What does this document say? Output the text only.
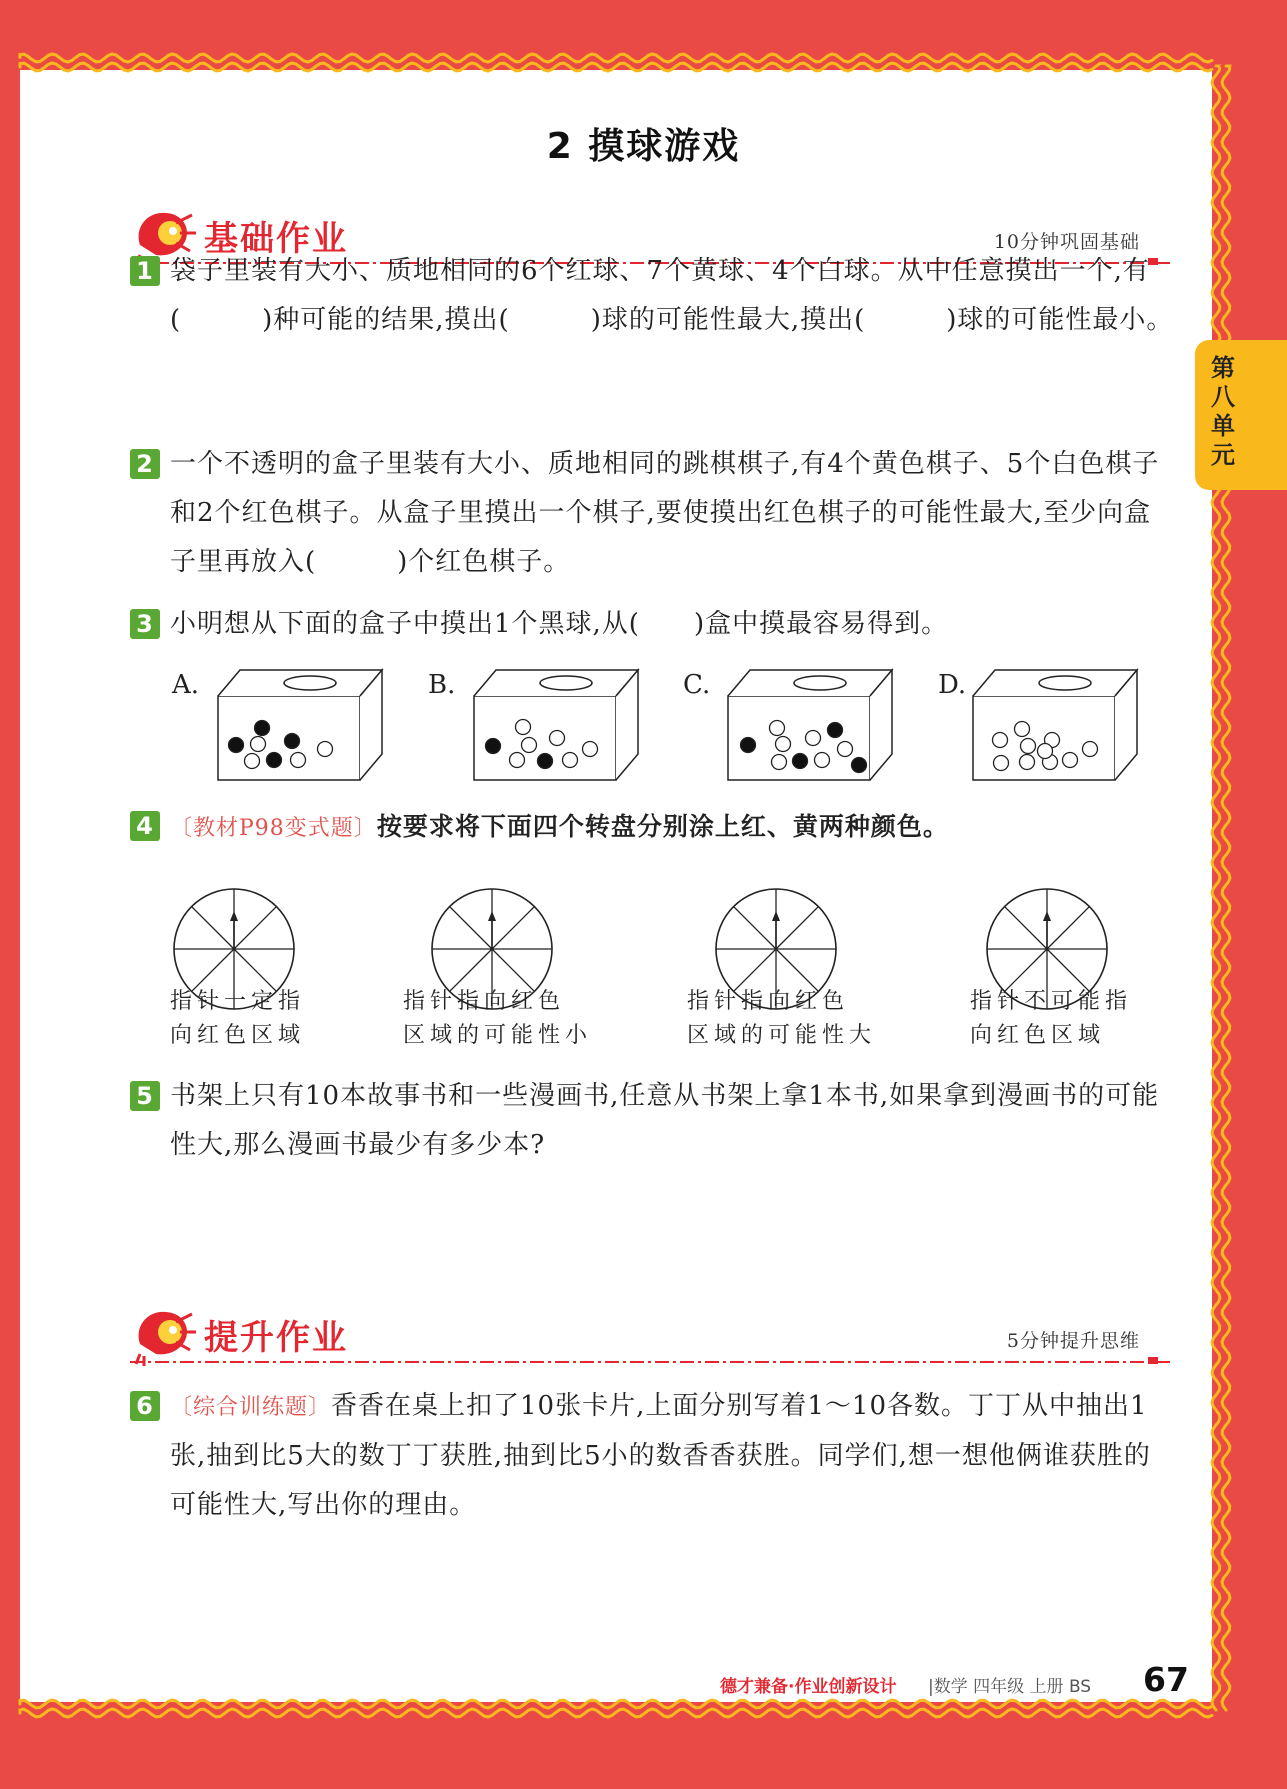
2 摸球游戏
基础作业	10分钟巩固基础
1 袋子里装有大小、质地相同的6个红球、7个黄球、4个白球。从中任意摸出一个,有(　　　)种可能的结果,摸出(　　　)球的可能性最大,摸出(　　　)球的可能性最小。
2 一个不透明的盒子里装有大小、质地相同的跳棋棋子,有4个黄色棋子、5个白色棋子和2个红色棋子。从盒子里摸出一个棋子,要使摸出红色棋子的可能性最大,至少向盒子里再放入(　　　)个红色棋子。
3 小明想从下面的盒子中摸出1个黑球,从(　　)盒中摸最容易得到。
A.	B.	C.	D.
4 〔教材P98变式题〕按要求将下面四个转盘分别涂上红、黄两种颜色。
指针一定指
向红色区域
指针指向红色
区域的可能性小
指针指向红色
区域的可能性大
指针不可能指
向红色区域
5 书架上只有10本故事书和一些漫画书,任意从书架上拿1本书,如果拿到漫画书的可能性大,那么漫画书最少有多少本?
提升作业	5分钟提升思维
6 〔综合训练题〕香香在桌上扣了10张卡片,上面分别写着1～10各数。丁丁从中抽出1张,抽到比5大的数丁丁获胜,抽到比5小的数香香获胜。同学们,想一想他俩谁获胜的可能性大,写出你的理由。
第八单元
德才兼备·作业创新设计 |数学 四年级 上册 BS 67
